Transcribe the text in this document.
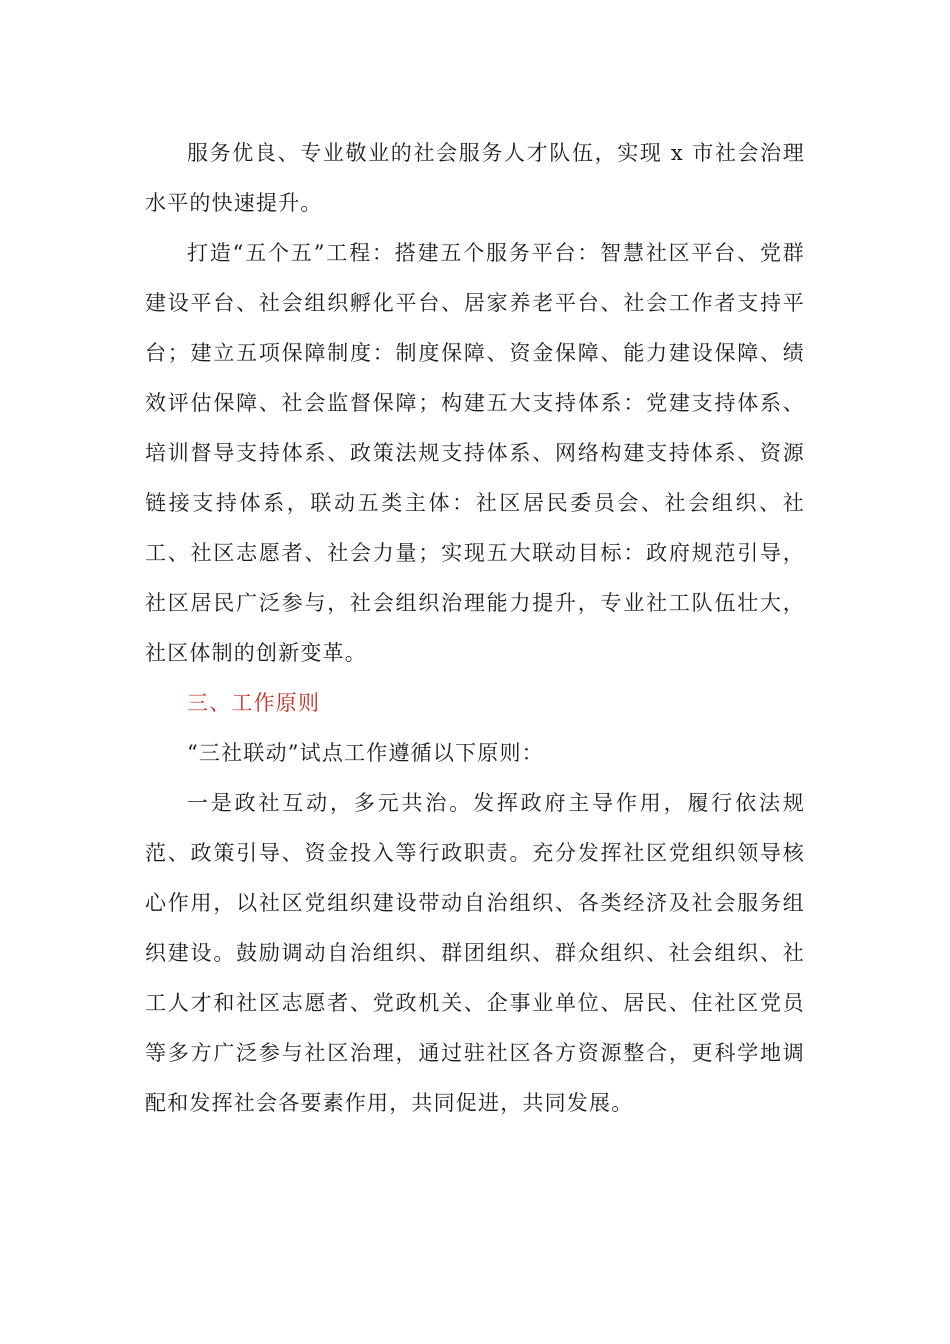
服务优良、专业敬业的社会服务人才队伍，实现 x 市社会治理水平的快速提升。

打造“五个五”工程：搭建五个服务平台：智慧社区平台、党群建设平台、社会组织孵化平台、居家养老平台、社会工作者支持平台；建立五项保障制度：制度保障、资金保障、能力建设保障、绩效评估保障、社会监督保障；构建五大支持体系：党建支持体系、培训督导支持体系、政策法规支持体系、网络构建支持体系、资源链接支持体系，联动五类主体：社区居民委员会、社会组织、社工、社区志愿者、社会力量；实现五大联动目标：政府规范引导，社区居民广泛参与，社会组织治理能力提升，专业社工队伍壮大，社区体制的创新变革。

三、工作原则

“三社联动”试点工作遵循以下原则：

一是政社互动，多元共治。发挥政府主导作用，履行依法规范、政策引导、资金投入等行政职责。充分发挥社区党组织领导核心作用，以社区党组织建设带动自治组织、各类经济及社会服务组织建设。鼓励调动自治组织、群团组织、群众组织、社会组织、社工人才和社区志愿者、党政机关、企事业单位、居民、住社区党员等多方广泛参与社区治理，通过驻社区各方资源整合，更科学地调配和发挥社会各要素作用，共同促进，共同发展。
